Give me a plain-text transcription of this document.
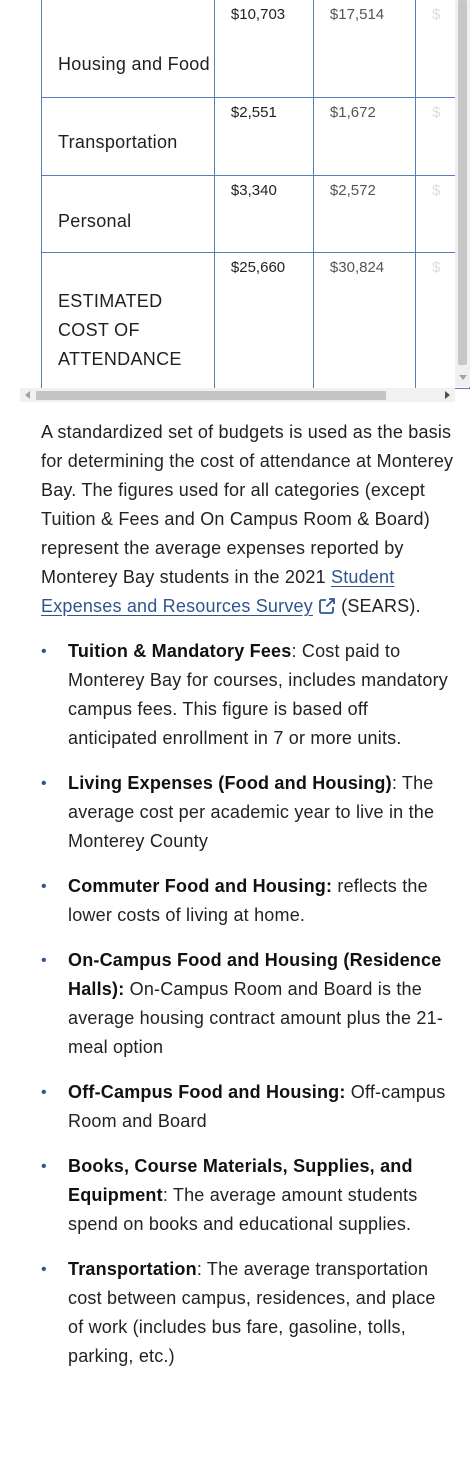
Housing and Food	$10,703	$17,514	$

Transportation	$2,551	$1,672	$

Personal	$3,340	$2,572	$

ESTIMATED COST OF ATTENDANCE	$25,660	$30,824	$

A standardized set of budgets is used as the basis for determining the cost of attendance at Monterey Bay. The figures used for all categories (except Tuition & Fees and On Campus Room & Board) represent the average expenses reported by Monterey Bay students in the 2021 Student Expenses and Resources Survey (SEARS).

• Tuition & Mandatory Fees: Cost paid to Monterey Bay for courses, includes mandatory campus fees. This figure is based off anticipated enrollment in 7 or more units.
• Living Expenses (Food and Housing): The average cost per academic year to live in the Monterey County
• Commuter Food and Housing: reflects the lower costs of living at home.
• On-Campus Food and Housing (Residence Halls): On-Campus Room and Board is the average housing contract amount plus the 21-meal option
• Off-Campus Food and Housing: Off-campus Room and Board
• Books, Course Materials, Supplies, and Equipment: The average amount students spend on books and educational supplies.
• Transportation: The average transportation cost between campus, residences, and place of work (includes bus fare, gasoline, tolls, parking, etc.)
